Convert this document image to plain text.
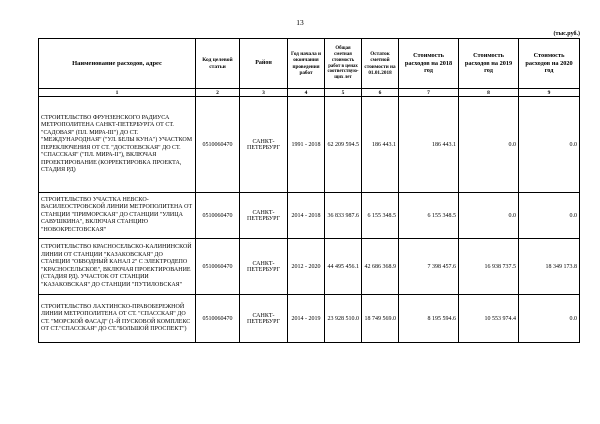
13
(тыс.руб.)
Наименование расходов, адрес	Код целевой статьи	Район	Год начала и окончания проведения работ	Общая сметная стоимость работ в ценах соответствую-щих лет	Остаток сметной стоимости на 01.01.2018	Стоимость расходов на 2018 год	Стоимость расходов на 2019 год	Стоимость расходов на 2020 год
1	2	3	4	5	6	7	8	9
СТРОИТЕЛЬСТВО ФРУНЗЕНСКОГО РАДИУСА МЕТРОПОЛИТЕНА САНКТ-ПЕТЕРБУРГА ОТ СТ. "САДОВАЯ" (ПЛ. МИРА-III") ДО СТ. "МЕЖДУНАРОДНАЯ" ("УЛ. БЕЛЫ КУНА") УЧАСТКОМ ПЕРЕКЛЮЧЕНИЯ ОТ СТ. "ДОСТОЕВСКАЯ" ДО СТ. "СПАССКАЯ" ("ПЛ. МИРА-II"), ВКЛЮЧАЯ ПРОЕКТИРОВАНИЕ (КОРРЕКТИРОВКА ПРОЕКТА, СТАДИЯ РД)	0510060470	САНКТ-ПЕТЕРБУРГ	1991 - 2018	62 209 594.5	186 443.1	186 443.1	0.0	0.0
СТРОИТЕЛЬСТВО УЧАСТКА НЕВСКО-ВАСИЛЕОСТРОВСКОЙ ЛИНИИ МЕТРОПОЛИТЕНА ОТ СТАНЦИИ "ПРИМОРСКАЯ" ДО СТАНЦИИ "УЛИЦА САВУШКИНА", ВКЛЮЧАЯ СТАНЦИЮ "НОВОКРЕСТОВСКАЯ"	0510060470	САНКТ-ПЕТЕРБУРГ	2014 - 2018	36 833 987.6	6 155 348.5	6 155 348.5	0.0	0.0
СТРОИТЕЛЬСТВО КРАСНОСЕЛЬСКО-КАЛИНИНСКОЙ ЛИНИИ ОТ СТАНЦИИ "КАЗАКОВСКАЯ" ДО СТАНЦИИ "ОБВОДНЫЙ КАНАЛ 2" С ЭЛЕКТРОДЕПО "КРАСНОСЕЛЬСКОЕ", ВКЛЮЧАЯ ПРОЕКТИРОВАНИЕ (СТАДИЯ РД). УЧАСТОК ОТ СТАНЦИИ "КАЗАКОВСКАЯ" ДО СТАНЦИИ "ПУТИЛОВСКАЯ"	0510060470	САНКТ-ПЕТЕРБУРГ	2012 - 2020	44 495 456.1	42 686 368.9	7 398 457.6	16 938 737.5	18 349 173.8
СТРОИТЕЛЬСТВО ЛАХТИНСКО-ПРАВОБЕРЕЖНОЙ ЛИНИИ МЕТРОПОЛИТЕНА ОТ СТ. "СПАССКАЯ" ДО СТ. "МОРСКОЙ ФАСАД" (1-Й ПУСКОВОЙ КОМПЛЕКС ОТ СТ."СПАССКАЯ" ДО СТ."БОЛЬШОЙ ПРОСПЕКТ")	0510060470	САНКТ-ПЕТЕРБУРГ	2014 - 2019	23 928 510.0	18 749 569.0	8 195 594.6	10 553 974.4	0.0
